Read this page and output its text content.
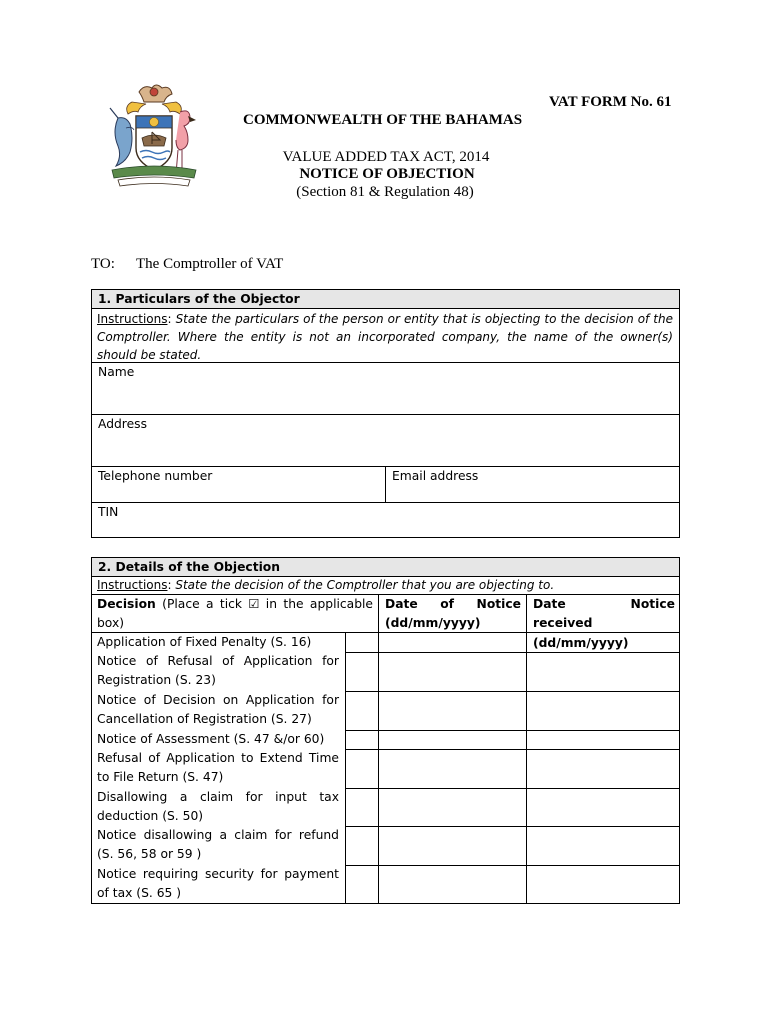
VAT FORM No. 61
COMMONWEALTH OF THE BAHAMAS
VALUE ADDED TAX ACT, 2014
NOTICE OF OBJECTION
(Section 81 & Regulation 48)
TO: The Comptroller of VAT
1. Particulars of the Objector
Instructions: State the particulars of the person or entity that is objecting to the decision of the Comptroller. Where the entity is not an incorporated company, the name of the owner(s) should be stated.
Name
Address
Telephone number	Email address
TIN
2. Details of the Objection
Instructions: State the decision of the Comptroller that you are objecting to.
Decision (Place a tick ☑ in the applicable box)
Date of Notice (dd/mm/yyyy)
Date Notice received (dd/mm/yyyy)
Application of Fixed Penalty (S. 16)
Notice of Refusal of Application for Registration (S. 23)
Notice of Decision on Application for Cancellation of Registration (S. 27)
Notice of Assessment (S. 47 &/or 60)
Refusal of Application to Extend Time to File Return (S. 47)
Disallowing a claim for input tax deduction (S. 50)
Notice disallowing a claim for refund (S. 56, 58 or 59 )
Notice requiring security for payment of tax (S. 65 )
